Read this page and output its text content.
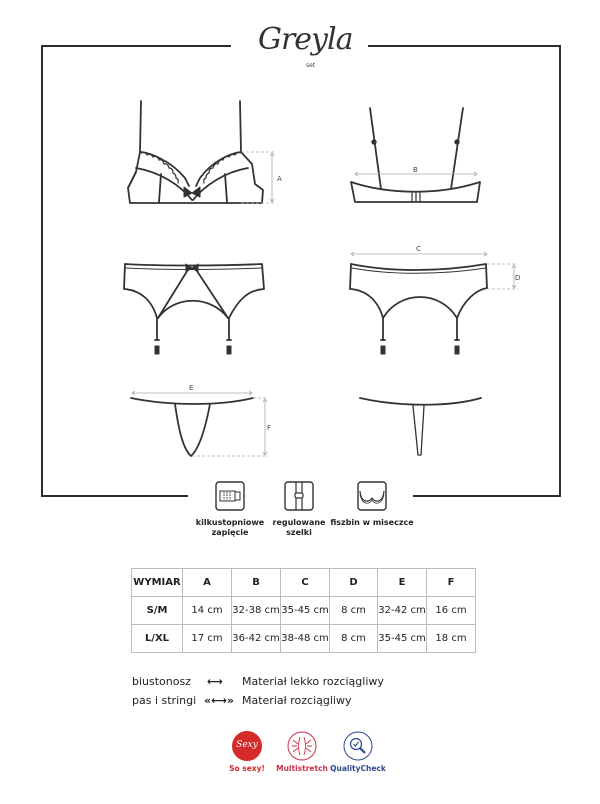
Greyla
set
A
B
C
D
E
F
kilkustopniowe
zapięcie
regulowane
szelki
fiszbin w miseczce
WYMIAR	A	B	C	D	E	F
S/M	14 cm	32-38 cm	35-45 cm	8 cm	32-42 cm	16 cm
L/XL	17 cm	36-42 cm	38-48 cm	8 cm	35-45 cm	18 cm
biustonosz ⟷ Materiał lekko rozciągliwy
pas i stringi «⟷» Materiał rozciągliwy
Sexy
So sexy!	Multistretch QualityCheck
